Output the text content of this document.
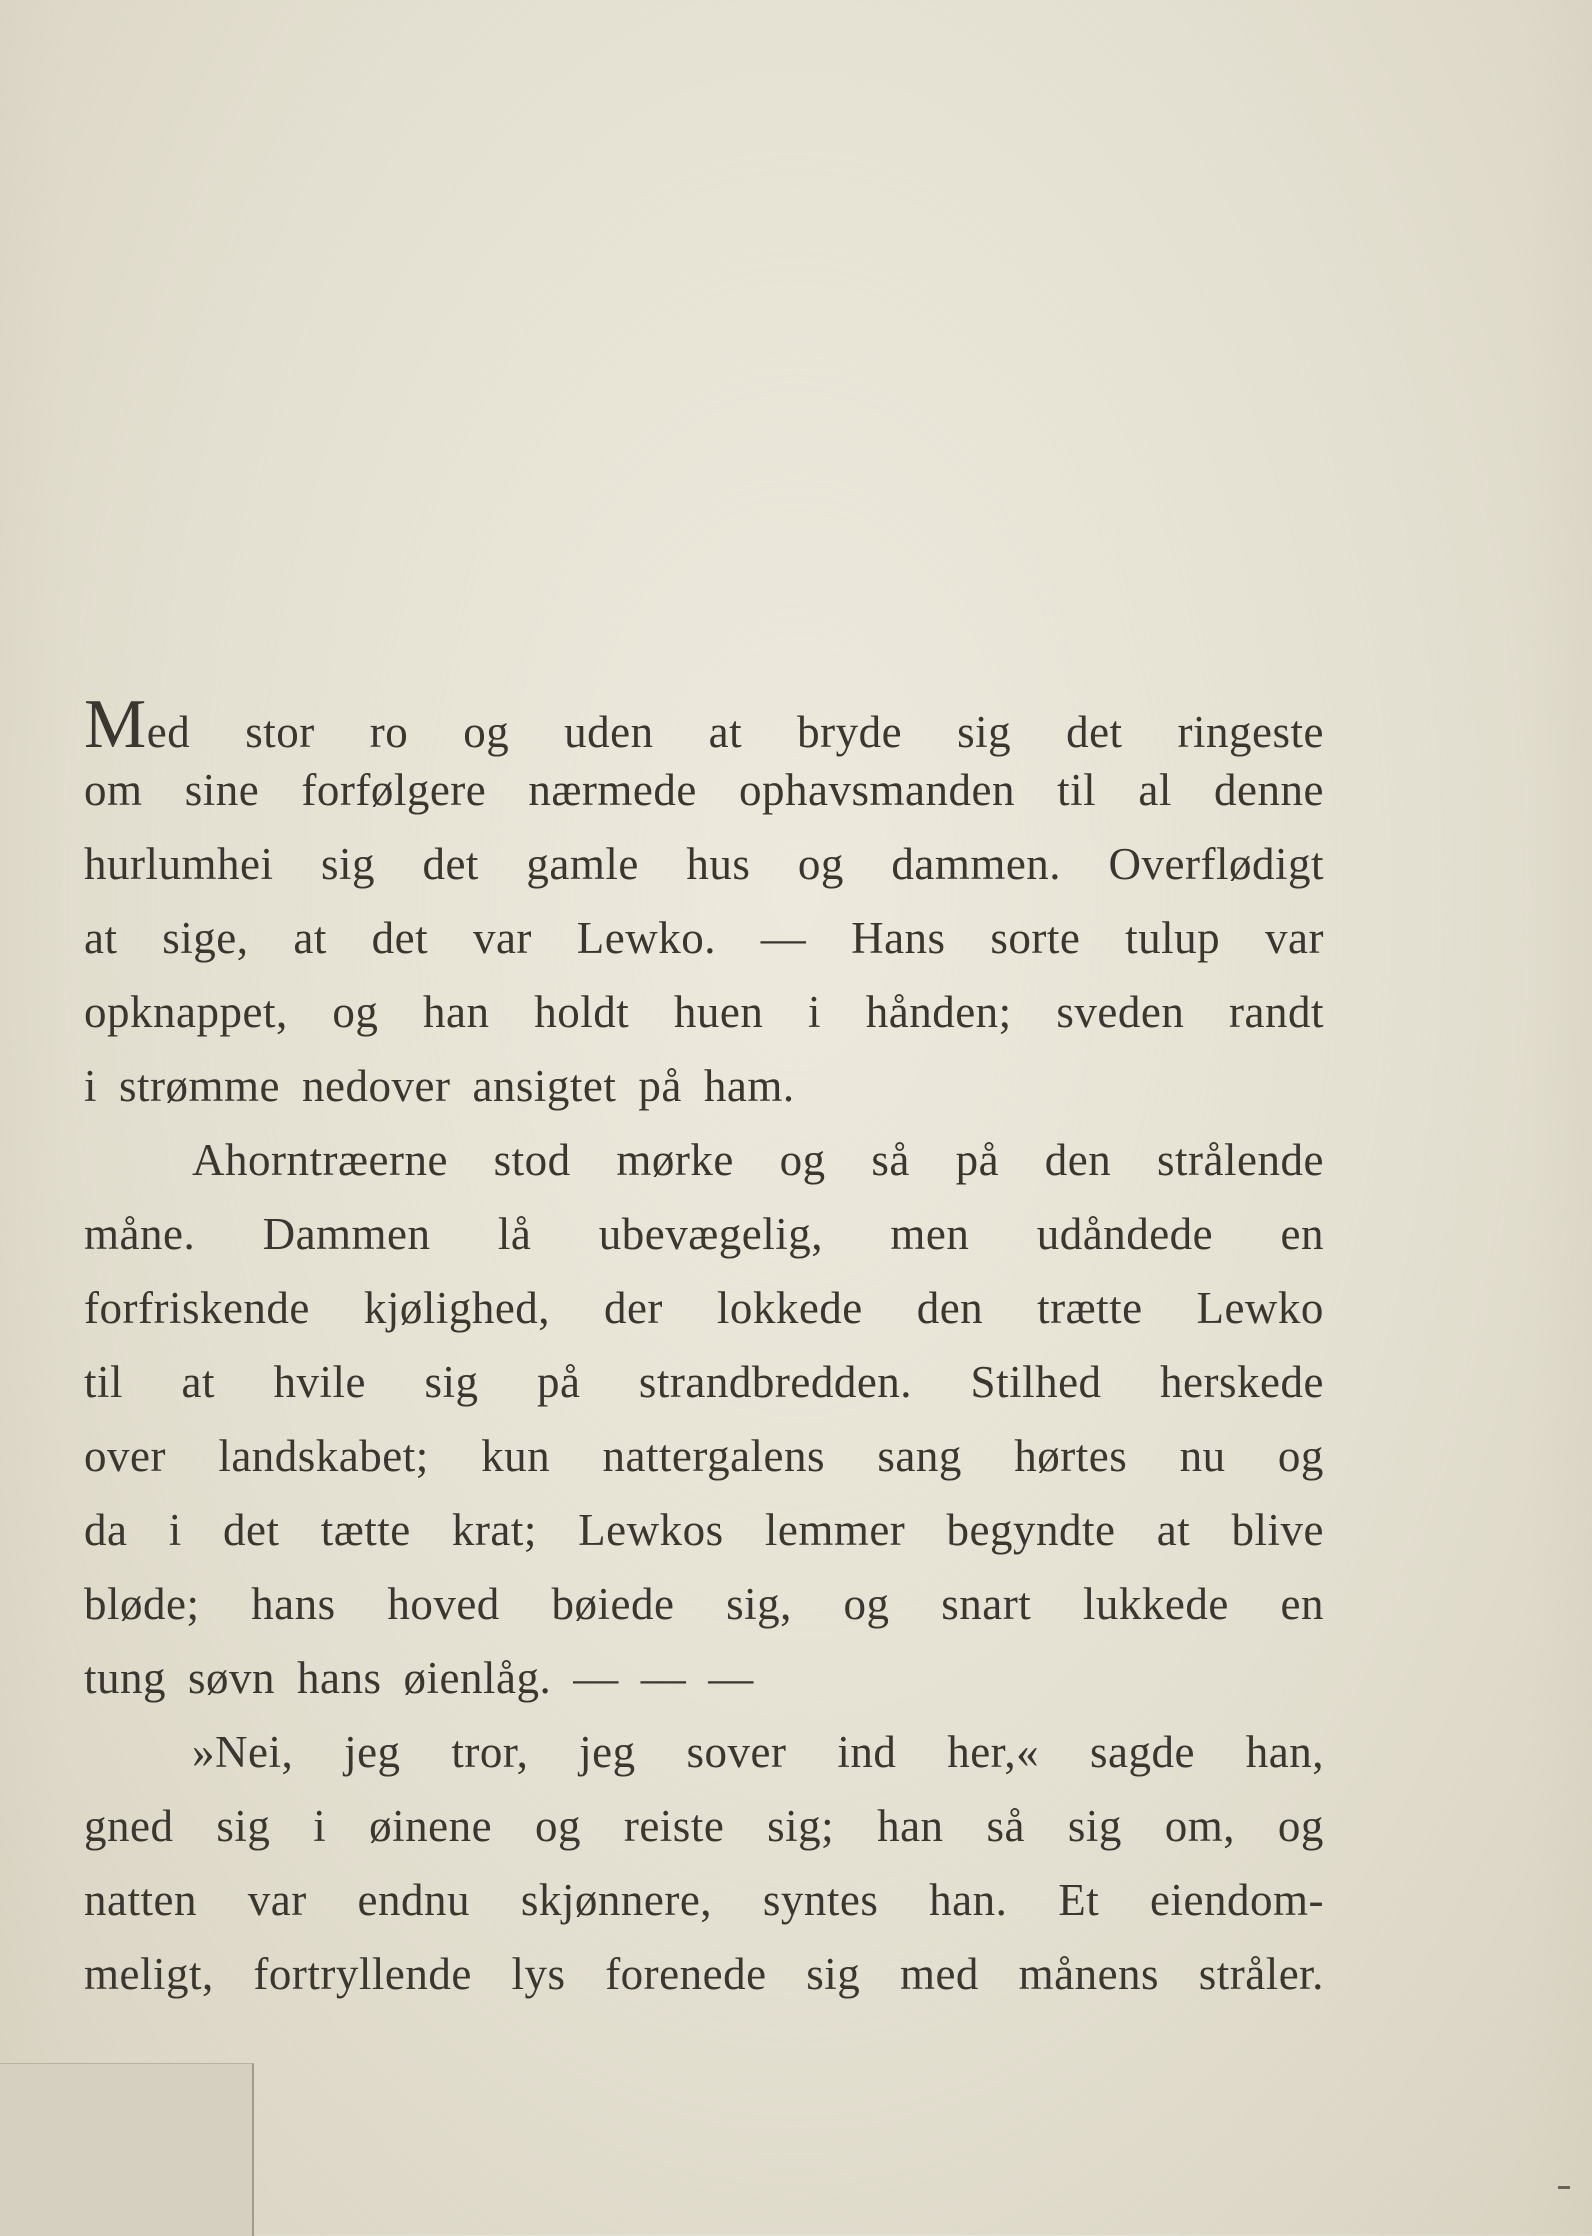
Med stor ro og uden at bryde sig det ringeste
om sine forfølgere nærmede ophavsmanden til al denne
hurlumhei sig det gamle hus og dammen. Overflødigt
at sige, at det var Lewko. — Hans sorte tulup var
opknappet, og han holdt huen i hånden; sveden randt
i strømme nedover ansigtet på ham.
Ahorntræerne stod mørke og så på den strålende
måne. Dammen lå ubevægelig, men udåndede en
forfriskende kjølighed, der lokkede den trætte Lewko
til at hvile sig på strandbredden. Stilhed herskede
over landskabet; kun nattergalens sang hørtes nu og
da i det tætte krat; Lewkos lemmer begyndte at blive
bløde; hans hoved bøiede sig, og snart lukkede en
tung søvn hans øienlåg. — — —
»Nei, jeg tror, jeg sover ind her,« sagde han,
gned sig i øinene og reiste sig; han så sig om, og
natten var endnu skjønnere, syntes han. Et eiendom-
meligt, fortryllende lys forenede sig med månens stråler.
